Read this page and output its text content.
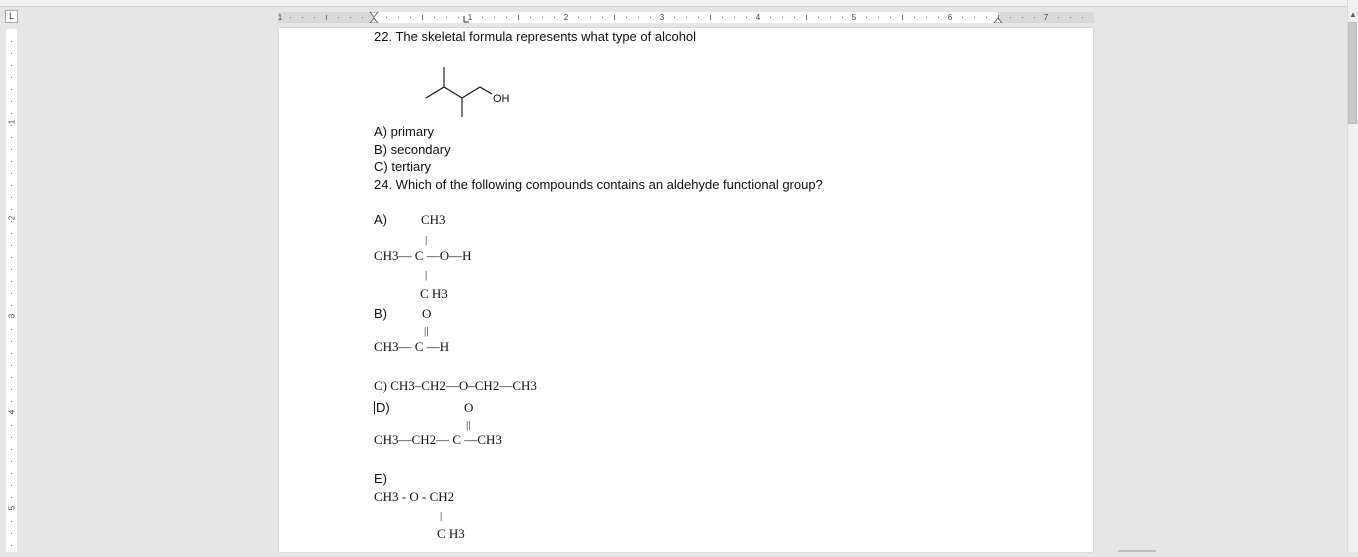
L	1	1	2	3	4	5	6	7
1
2
3
4
5
22. The skeletal formula represents what type of alcohol
OH
A) primary
B) secondary
C) tertiary
24. Which of the following compounds contains an aldehyde functional group?
A)	CH3
|
CH3— C —O—H
|
C H3
B)	O
||
CH3— C —H
C) CH3–CH2—O–CH2—CH3
D)	O
||
CH3—CH2— C —CH3
E)
CH3 - O - CH2
|
C H3
▲
